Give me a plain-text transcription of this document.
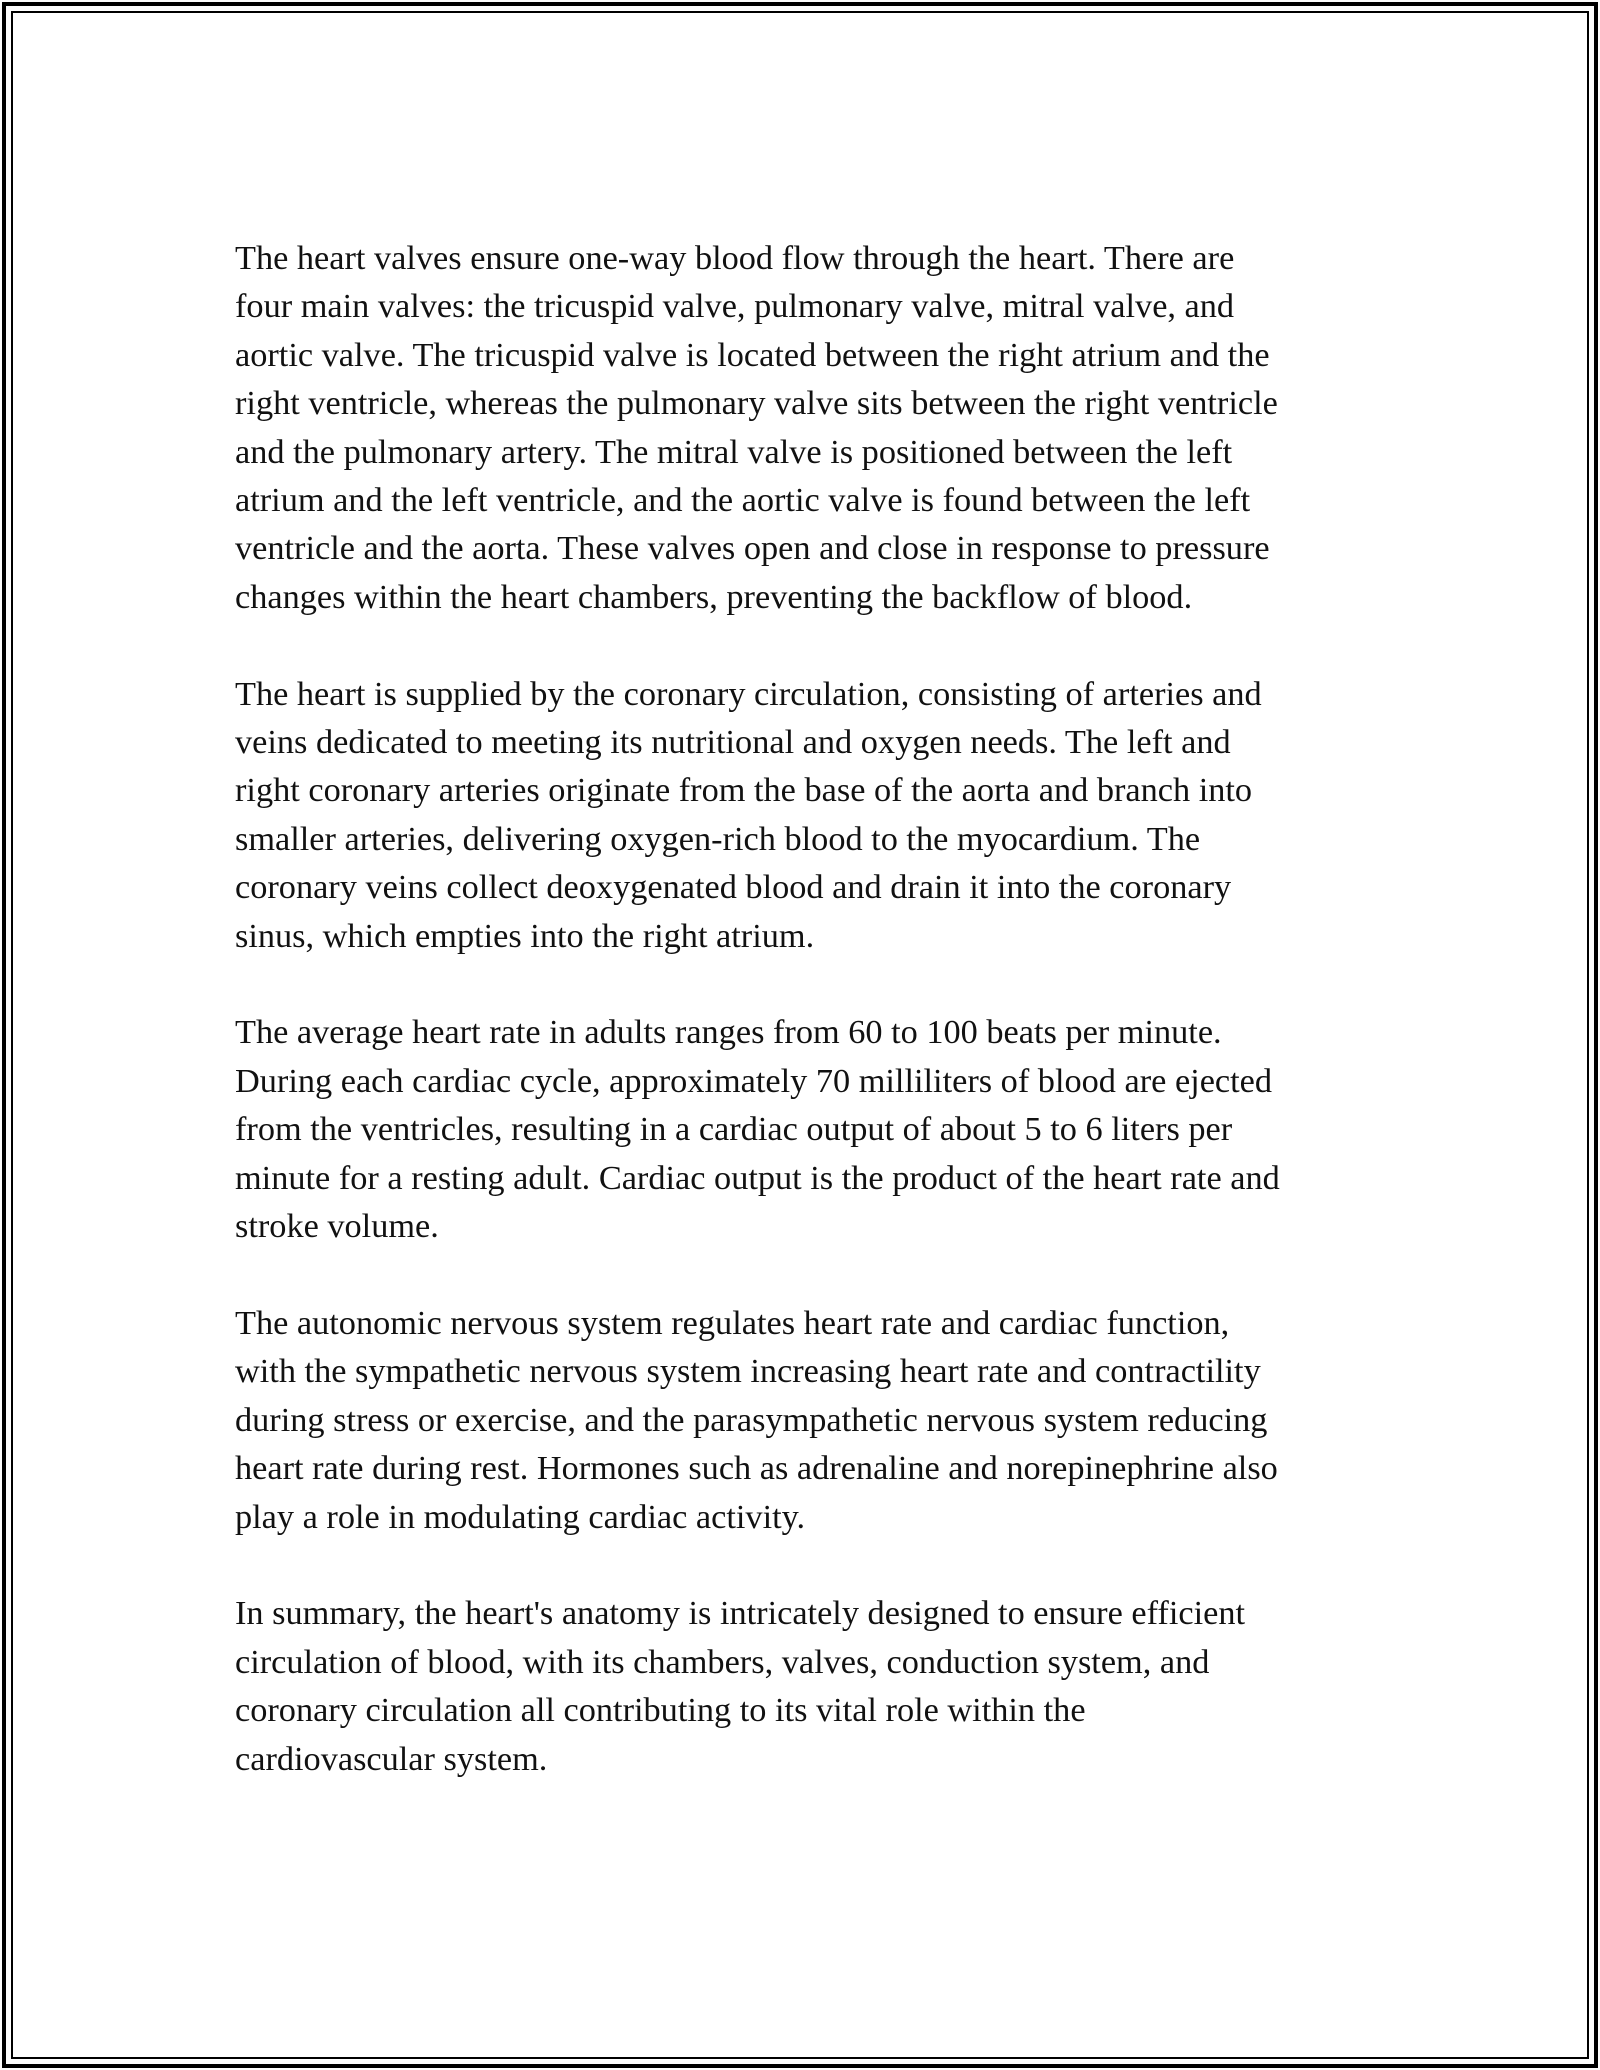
The heart valves ensure one-way blood flow through the heart. There are
four main valves: the tricuspid valve, pulmonary valve, mitral valve, and
aortic valve. The tricuspid valve is located between the right atrium and the
right ventricle, whereas the pulmonary valve sits between the right ventricle
and the pulmonary artery. The mitral valve is positioned between the left
atrium and the left ventricle, and the aortic valve is found between the left
ventricle and the aorta. These valves open and close in response to pressure
changes within the heart chambers, preventing the backflow of blood.

The heart is supplied by the coronary circulation, consisting of arteries and
veins dedicated to meeting its nutritional and oxygen needs. The left and
right coronary arteries originate from the base of the aorta and branch into
smaller arteries, delivering oxygen-rich blood to the myocardium. The
coronary veins collect deoxygenated blood and drain it into the coronary
sinus, which empties into the right atrium.

The average heart rate in adults ranges from 60 to 100 beats per minute.
During each cardiac cycle, approximately 70 milliliters of blood are ejected
from the ventricles, resulting in a cardiac output of about 5 to 6 liters per
minute for a resting adult. Cardiac output is the product of the heart rate and
stroke volume.

The autonomic nervous system regulates heart rate and cardiac function,
with the sympathetic nervous system increasing heart rate and contractility
during stress or exercise, and the parasympathetic nervous system reducing
heart rate during rest. Hormones such as adrenaline and norepinephrine also
play a role in modulating cardiac activity.

In summary, the heart's anatomy is intricately designed to ensure efficient
circulation of blood, with its chambers, valves, conduction system, and
coronary circulation all contributing to its vital role within the
cardiovascular system.
